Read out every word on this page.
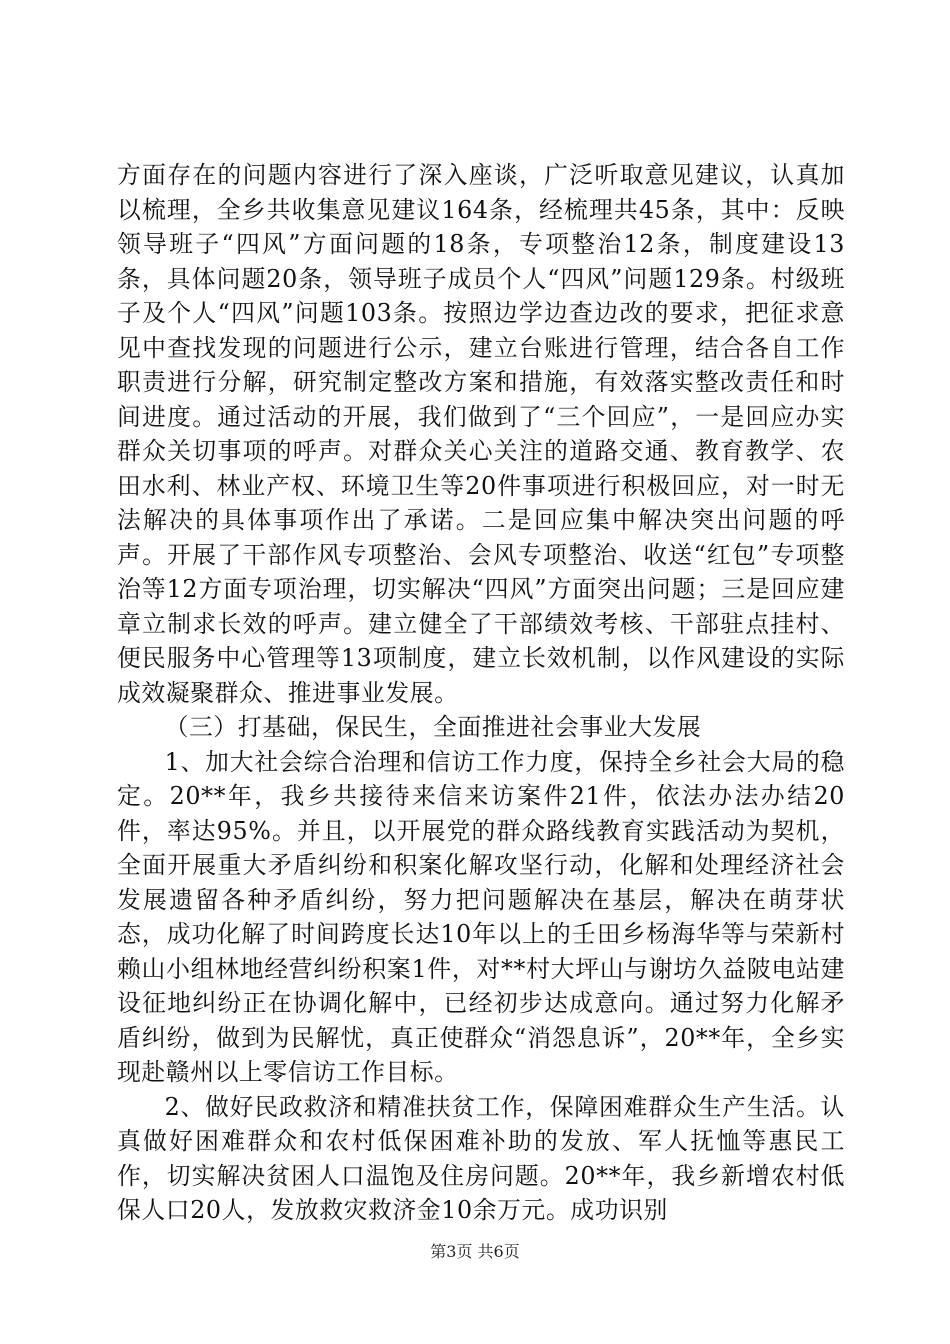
方面存在的问题内容进行了深入座谈，广泛听取意见建议，认真加以梳理，全乡共收集意见建议164条，经梳理共45条，其中：反映领导班子“四风”方面问题的18条，专项整治12条，制度建设13条，具体问题20条，领导班子成员个人“四风”问题129条。村级班子及个人“四风”问题103条。按照边学边查边改的要求，把征求意见中查找发现的问题进行公示，建立台账进行管理，结合各自工作职责进行分解，研究制定整改方案和措施，有效落实整改责任和时间进度。通过活动的开展，我们做到了“三个回应”，一是回应办实群众关切事项的呼声。对群众关心关注的道路交通、教育教学、农田水利、林业产权、环境卫生等20件事项进行积极回应，对一时无法解决的具体事项作出了承诺。二是回应集中解决突出问题的呼声。开展了干部作风专项整治、会风专项整治、收送“红包”专项整治等12方面专项治理，切实解决“四风”方面突出问题；三是回应建章立制求长效的呼声。建立健全了干部绩效考核、干部驻点挂村、便民服务中心管理等13项制度，建立长效机制，以作风建设的实际成效凝聚群众、推进事业发展。

（三）打基础，保民生，全面推进社会事业大发展

1、加大社会综合治理和信访工作力度，保持全乡社会大局的稳定。20**年，我乡共接待来信来访案件21件，依法办法办结20件，率达95%。并且，以开展党的群众路线教育实践活动为契机，全面开展重大矛盾纠纷和积案化解攻坚行动，化解和处理经济社会发展遗留各种矛盾纠纷，努力把问题解决在基层，解决在萌芽状态，成功化解了时间跨度长达10年以上的壬田乡杨海华等与荣新村赖山小组林地经营纠纷积案1件，对**村大坪山与谢坊久益陂电站建设征地纠纷正在协调化解中，已经初步达成意向。通过努力化解矛盾纠纷，做到为民解忧，真正使群众“消怨息诉”，20**年，全乡实现赴赣州以上零信访工作目标。

2、做好民政救济和精准扶贫工作，保障困难群众生产生活。认真做好困难群众和农村低保困难补助的发放、军人抚恤等惠民工作，切实解决贫困人口温饱及住房问题。20**年，我乡新增农村低保人口20人，发放救灾救济金10余万元。成功识别

第3页 共6页
